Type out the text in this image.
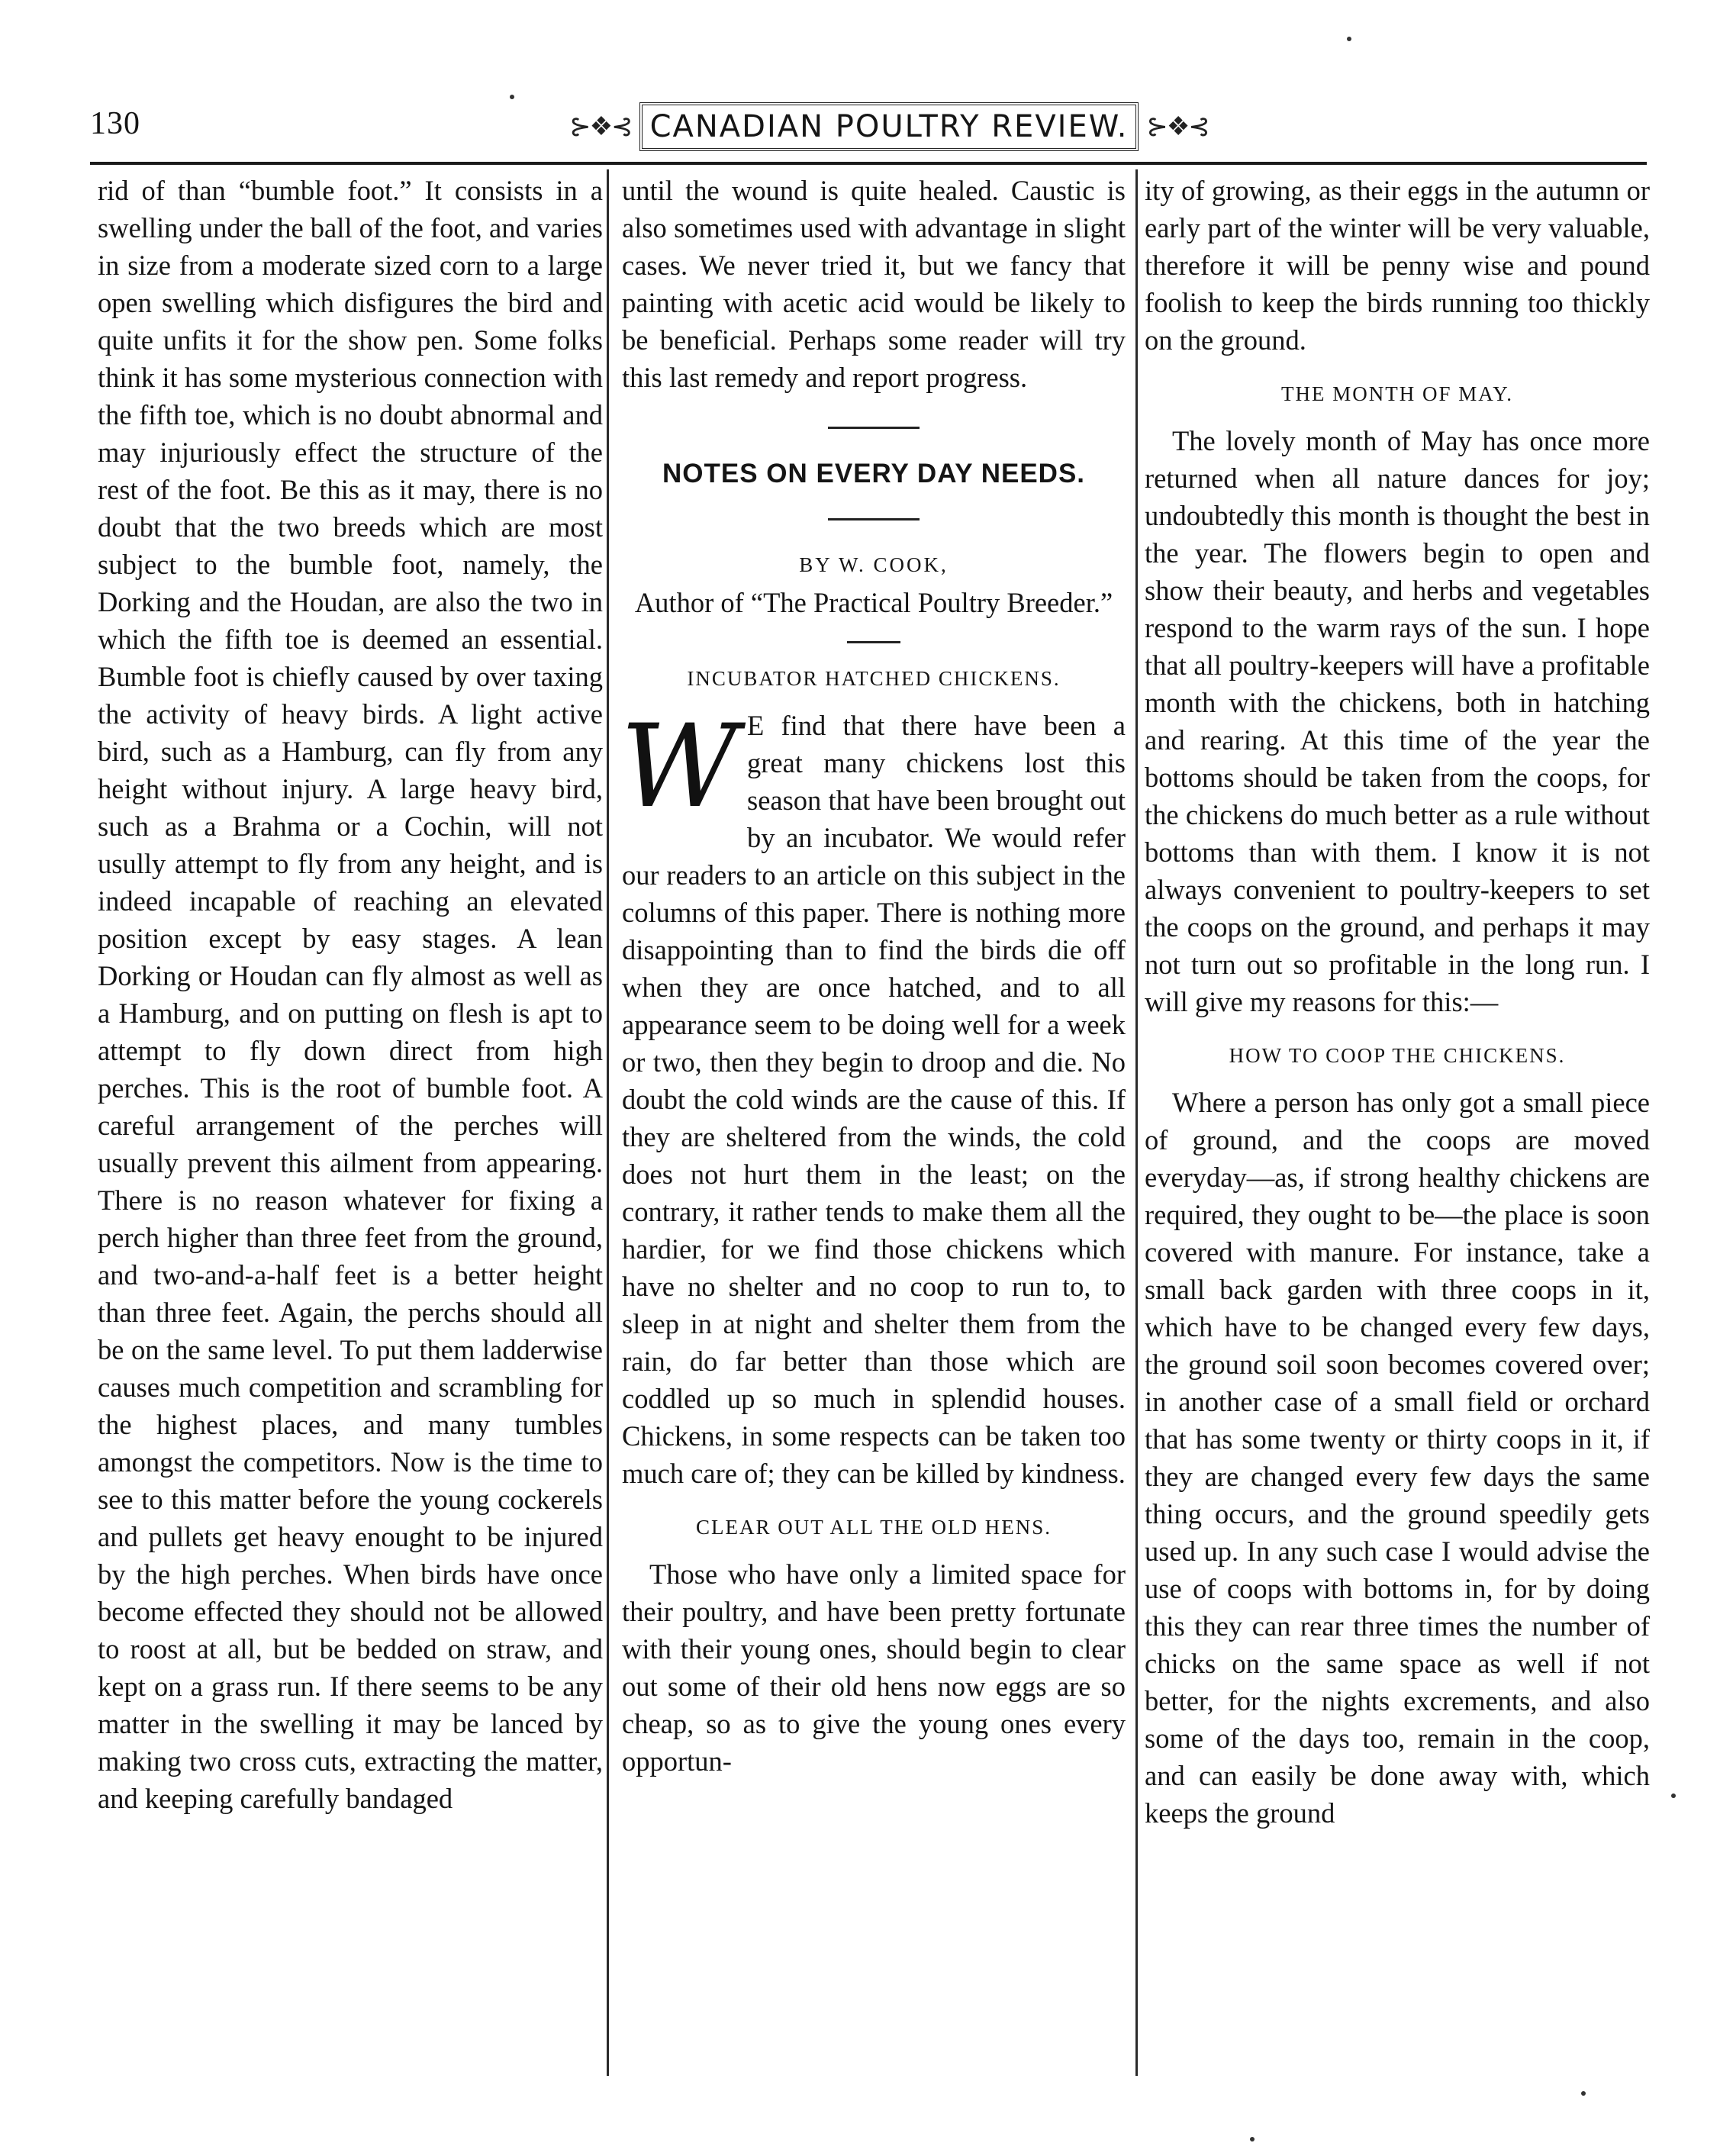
130	⊱❖⊰ CANADIAN POULTRY REVIEW. ⊱❖⊰

rid of than “bumble foot.” It consists in a swelling under the ball of the foot, and varies in size from a moderate sized corn to a large open swelling which disfigures the bird and quite unfits it for the show pen. Some folks think it has some mysterious connection with the fifth toe, which is no doubt abnormal and may injuriously effect the structure of the rest of the foot. Be this as it may, there is no doubt that the two breeds which are most subject to the bumble foot, namely, the Dorking and the Houdan, are also the two in which the fifth toe is deemed an essential. Bumble foot is chiefly caused by over taxing the activity of heavy birds. A light active bird, such as a Hamburg, can fly from any height without injury. A large heavy bird, such as a Brahma or a Cochin, will not usully attempt to fly from any height, and is indeed incapable of reaching an elevated position except by easy stages. A lean Dorking or Houdan can fly almost as well as a Hamburg, and on putting on flesh is apt to attempt to fly down direct from high perches. This is the root of bumble foot. A careful arrangement of the perches will usually prevent this ailment from appearing. There is no reason whatever for fixing a perch higher than three feet from the ground, and two-and-a-half feet is a better height than three feet. Again, the perchs should all be on the same level. To put them ladderwise causes much competition and scrambling for the highest places, and many tumbles amongst the competitors. Now is the time to see to this matter before the young cockerels and pullets get heavy enought to be injured by the high perches. When birds have once become effected they should not be allowed to roost at all, but be bedded on straw, and kept on a grass run. If there seems to be any matter in the swelling it may be lanced by making two cross cuts, extracting the matter, and keeping carefully bandaged

until the wound is quite healed. Caustic is also sometimes used with advantage in slight cases. We never tried it, but we fancy that painting with acetic acid would be likely to be beneficial. Perhaps some reader will try this last remedy and report progress.

NOTES ON EVERY DAY NEEDS.
BY W. COOK,
Author of “The Practical Poultry Breeder.”
INCUBATOR HATCHED CHICKENS.
W E find that there have been a great many chickens lost this season that have been brought out by an incubator. We would refer our readers to an article on this subject in the columns of this paper. There is nothing more disappointing than to find the birds die off when they are once hatched, and to all appearance seem to be doing well for a week or two, then they begin to droop and die. No doubt the cold winds are the cause of this. If they are sheltered from the winds, the cold does not hurt them in the least; on the contrary, it rather tends to make them all the hardier, for we find those chickens which have no shelter and no coop to run to, to sleep in at night and shelter them from the rain, do far better than those which are coddled up so much in splendid houses. Chickens, in some respects can be taken too much care of; they can be killed by kindness.

CLEAR OUT ALL THE OLD HENS.

Those who have only a limited space for their poultry, and have been pretty fortunate with their young ones, should begin to clear out some of their old hens now eggs are so cheap, so as to give the young ones every opportun-

ity of growing, as their eggs in the autumn or early part of the winter will be very valuable, therefore it will be penny wise and pound foolish to keep the birds running too thickly on the ground.

THE MONTH OF MAY.

The lovely month of May has once more returned when all nature dances for joy; undoubtedly this month is thought the best in the year. The flowers begin to open and show their beauty, and herbs and vegetables respond to the warm rays of the sun. I hope that all poultry-keepers will have a profitable month with the chickens, both in hatching and rearing. At this time of the year the bottoms should be taken from the coops, for the chickens do much better as a rule without bottoms than with them. I know it is not always convenient to poultry-keepers to set the coops on the ground, and perhaps it may not turn out so profitable in the long run. I will give my reasons for this:—

HOW TO COOP THE CHICKENS.

Where a person has only got a small piece of ground, and the coops are moved everyday—as, if strong healthy chickens are required, they ought to be—the place is soon covered with manure. For instance, take a small back garden with three coops in it, which have to be changed every few days, the ground soil soon becomes covered over; in another case of a small field or orchard that has some twenty or thirty coops in it, if they are changed every few days the same thing occurs, and the ground speedily gets used up. In any such case I would advise the use of coops with bottoms in, for by doing this they can rear three times the number of chicks on the same space as well if not better, for the nights excrements, and also some of the days too, remain in the coop, and can easily be done away with, which keeps the ground
